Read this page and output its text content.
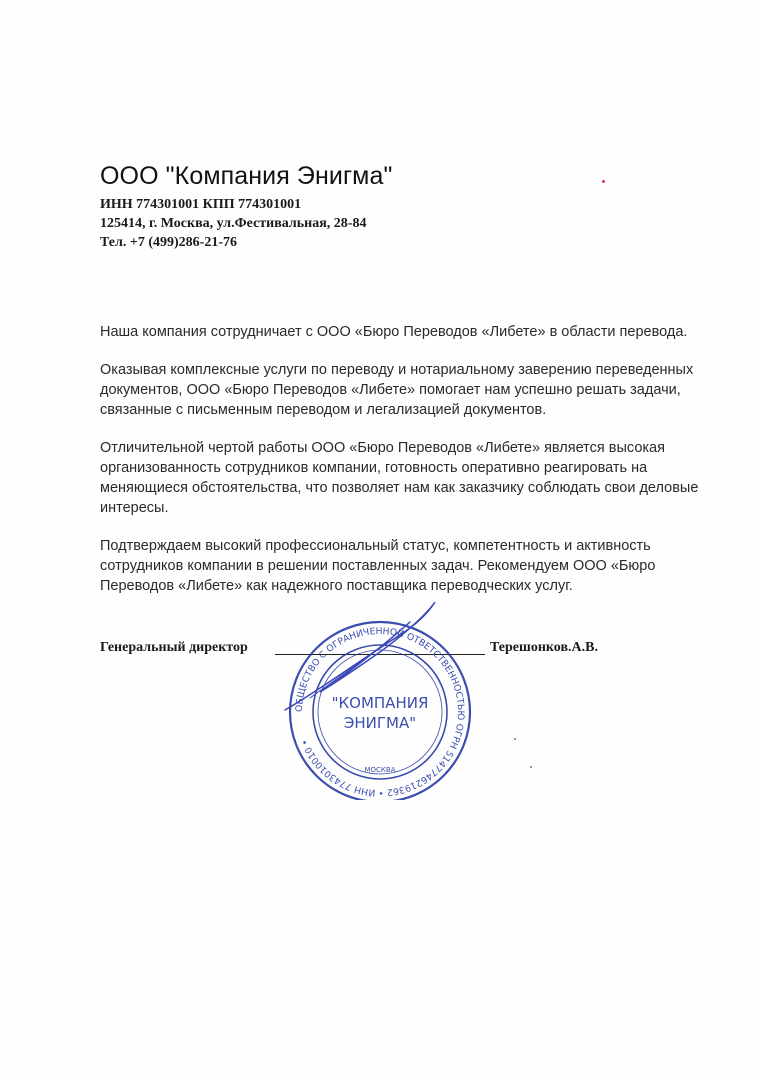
ООО "Компания Энигма"
ИНН 774301001 КПП 774301001
125414, г. Москва, ул.Фестивальная, 28-84
Тел. +7 (499)286-21-76
Наша компания сотрудничает с ООО «Бюро Переводов «Либете» в области перевода.
Оказывая комплексные услуги по переводу и нотариальному заверению переведенных
документов, ООО «Бюро Переводов «Либете» помогает нам успешно решать задачи,
связанные с письменным переводом и легализацией документов.
Отличительной чертой работы ООО «Бюро Переводов «Либете» является высокая
организованность сотрудников компании, готовность оперативно реагировать на
меняющиеся обстоятельства, что позволяет нам как заказчику соблюдать свои деловые
интересы.
Подтверждаем высокий профессиональный статус, компетентность и активность
сотрудников компании в решении поставленных задач. Рекомендуем ООО «Бюро
Переводов «Либете» как надежного поставщика переводческих услуг.
Генеральный директор	Терешонков.А.В.
ОБЩЕСТВО С ОГРАНИЧЕННОЙ ОТВЕТСТВЕННОСТЬЮ ОГРН 5147746219362 • ИНН 7743010010 •
"КОМПАНИЯ
ЭНИГМА"
МОСКВА
